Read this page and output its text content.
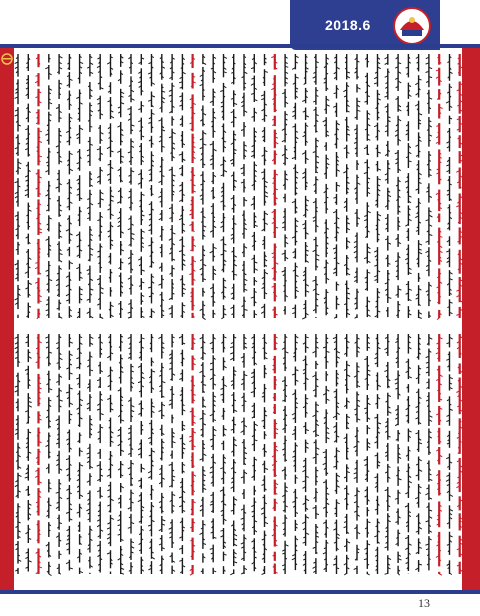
2018.6
13
